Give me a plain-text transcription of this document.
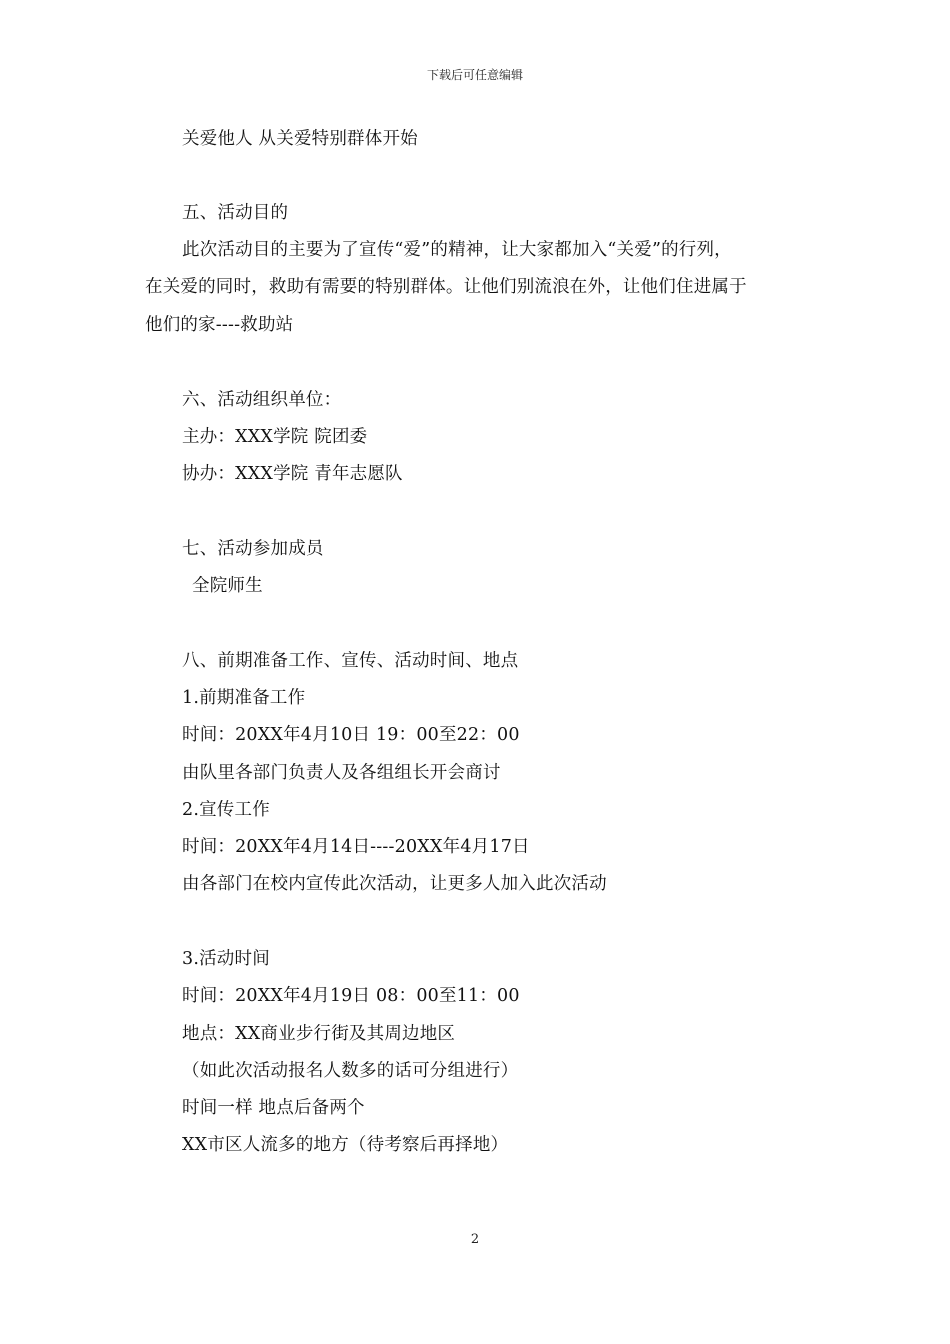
下载后可任意编辑
关爱他人 从关爱特别群体开始
五、活动目的
此次活动目的主要为了宣传“爱”的精神，让大家都加入“关爱”的行列，
在关爱的同时，救助有需要的特别群体。让他们别流浪在外，让他们住进属于
他们的家----救助站
六、活动组织单位：
主办：XXX学院 院团委
协办：XXX学院 青年志愿队
七、活动参加成员
全院师生
八、前期准备工作、宣传、活动时间、地点
1.前期准备工作
时间：20XX年4月10日 19：00至22：00
由队里各部门负责人及各组组长开会商讨
2.宣传工作
时间：20XX年4月14日----20XX年4月17日
由各部门在校内宣传此次活动，让更多人加入此次活动
3.活动时间
时间：20XX年4月19日 08：00至11：00
地点：XX商业步行街及其周边地区
（如此次活动报名人数多的话可分组进行）
时间一样 地点后备两个
XX市区人流多的地方（待考察后再择地）
2
